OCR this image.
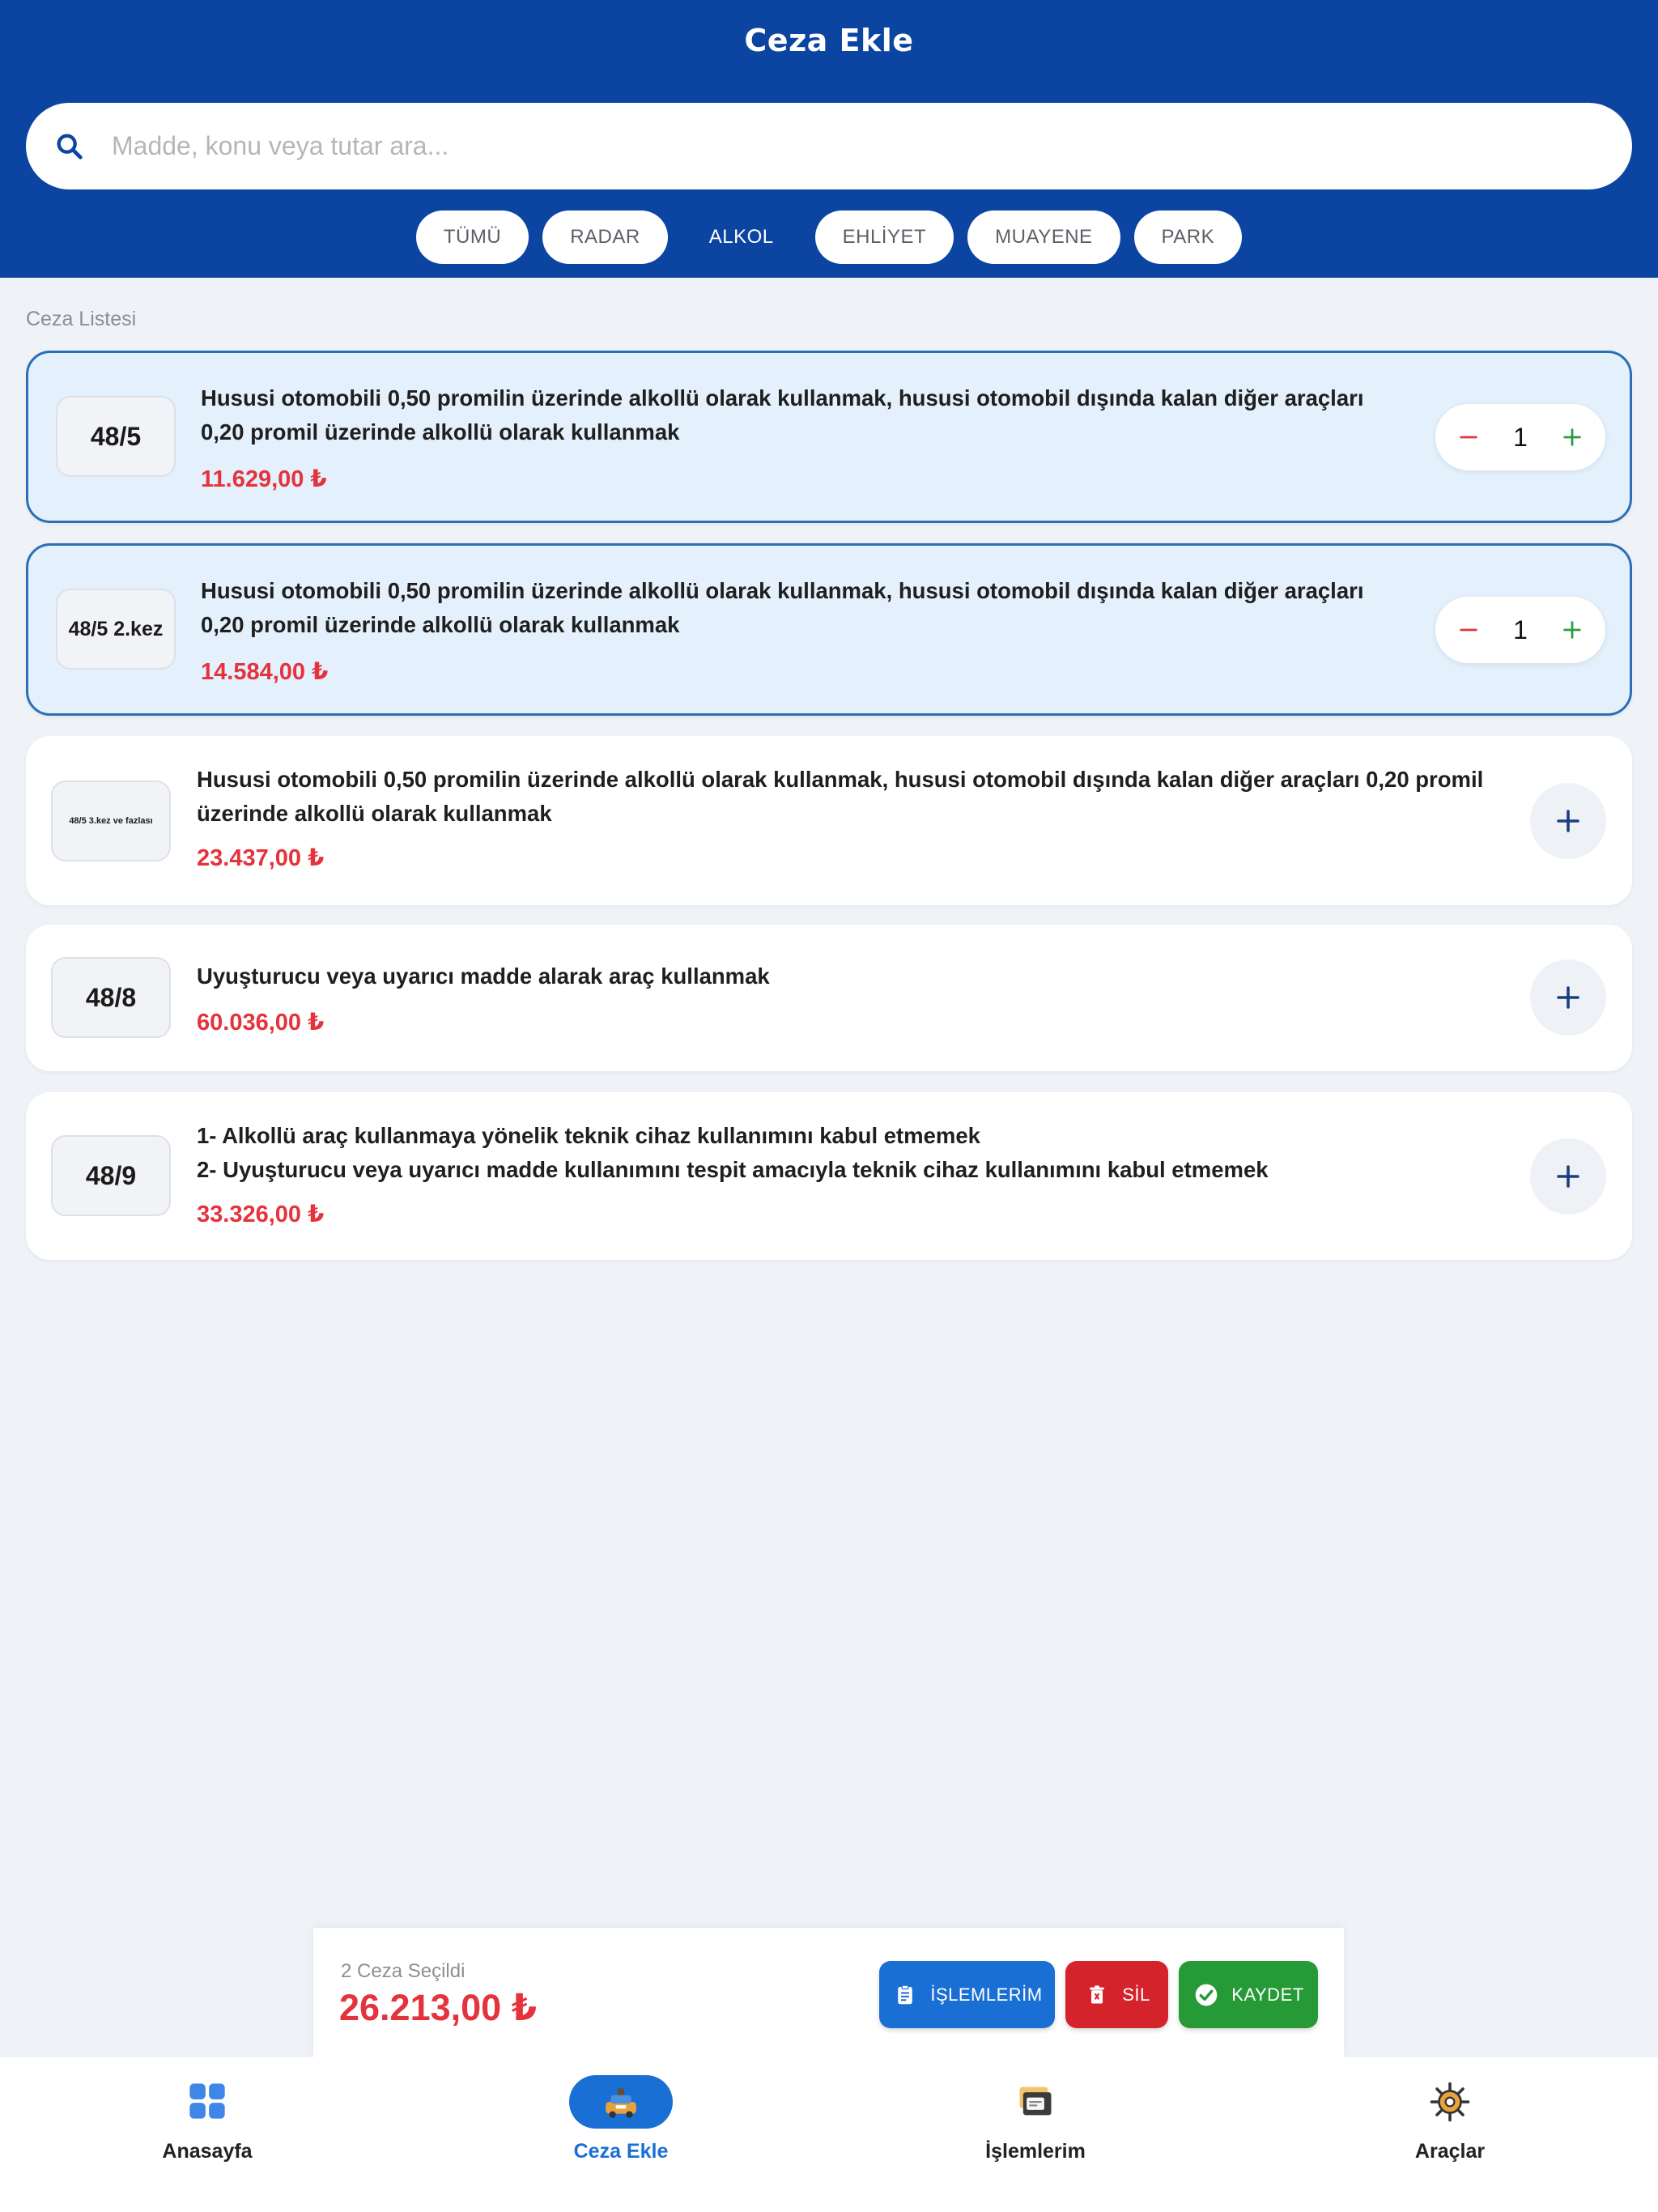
Ceza Ekle
Madde, konu veya tutar ara...
TÜMÜ	RADAR	ALKOL	EHLİYET	MUAYENE	PARK
Ceza Listesi
48/5
Hususi otomobili 0,50 promilin üzerinde alkollü olarak kullanmak, hususi otomobil dışında kalan diğer araçları
0,20 promil üzerinde alkollü olarak kullanmak
11.629,00 ₺
1
48/5 2.kez
Hususi otomobili 0,50 promilin üzerinde alkollü olarak kullanmak, hususi otomobil dışında kalan diğer araçları
0,20 promil üzerinde alkollü olarak kullanmak
14.584,00 ₺
1
48/5 3.kez ve fazlası
Hususi otomobili 0,50 promilin üzerinde alkollü olarak kullanmak, hususi otomobil dışında kalan diğer araçları 0,20 promil
üzerinde alkollü olarak kullanmak
23.437,00 ₺
48/8
Uyuşturucu veya uyarıcı madde alarak araç kullanmak
60.036,00 ₺
48/9
1- Alkollü araç kullanmaya yönelik teknik cihaz kullanımını kabul etmemek
2- Uyuşturucu veya uyarıcı madde kullanımını tespit amacıyla teknik cihaz kullanımını kabul etmemek
33.326,00 ₺
2 Ceza Seçildi
26.213,00 ₺	İŞLEMLERİM	SİL	KAYDET
Anasayfa	Ceza Ekle	İşlemlerim	Araçlar
